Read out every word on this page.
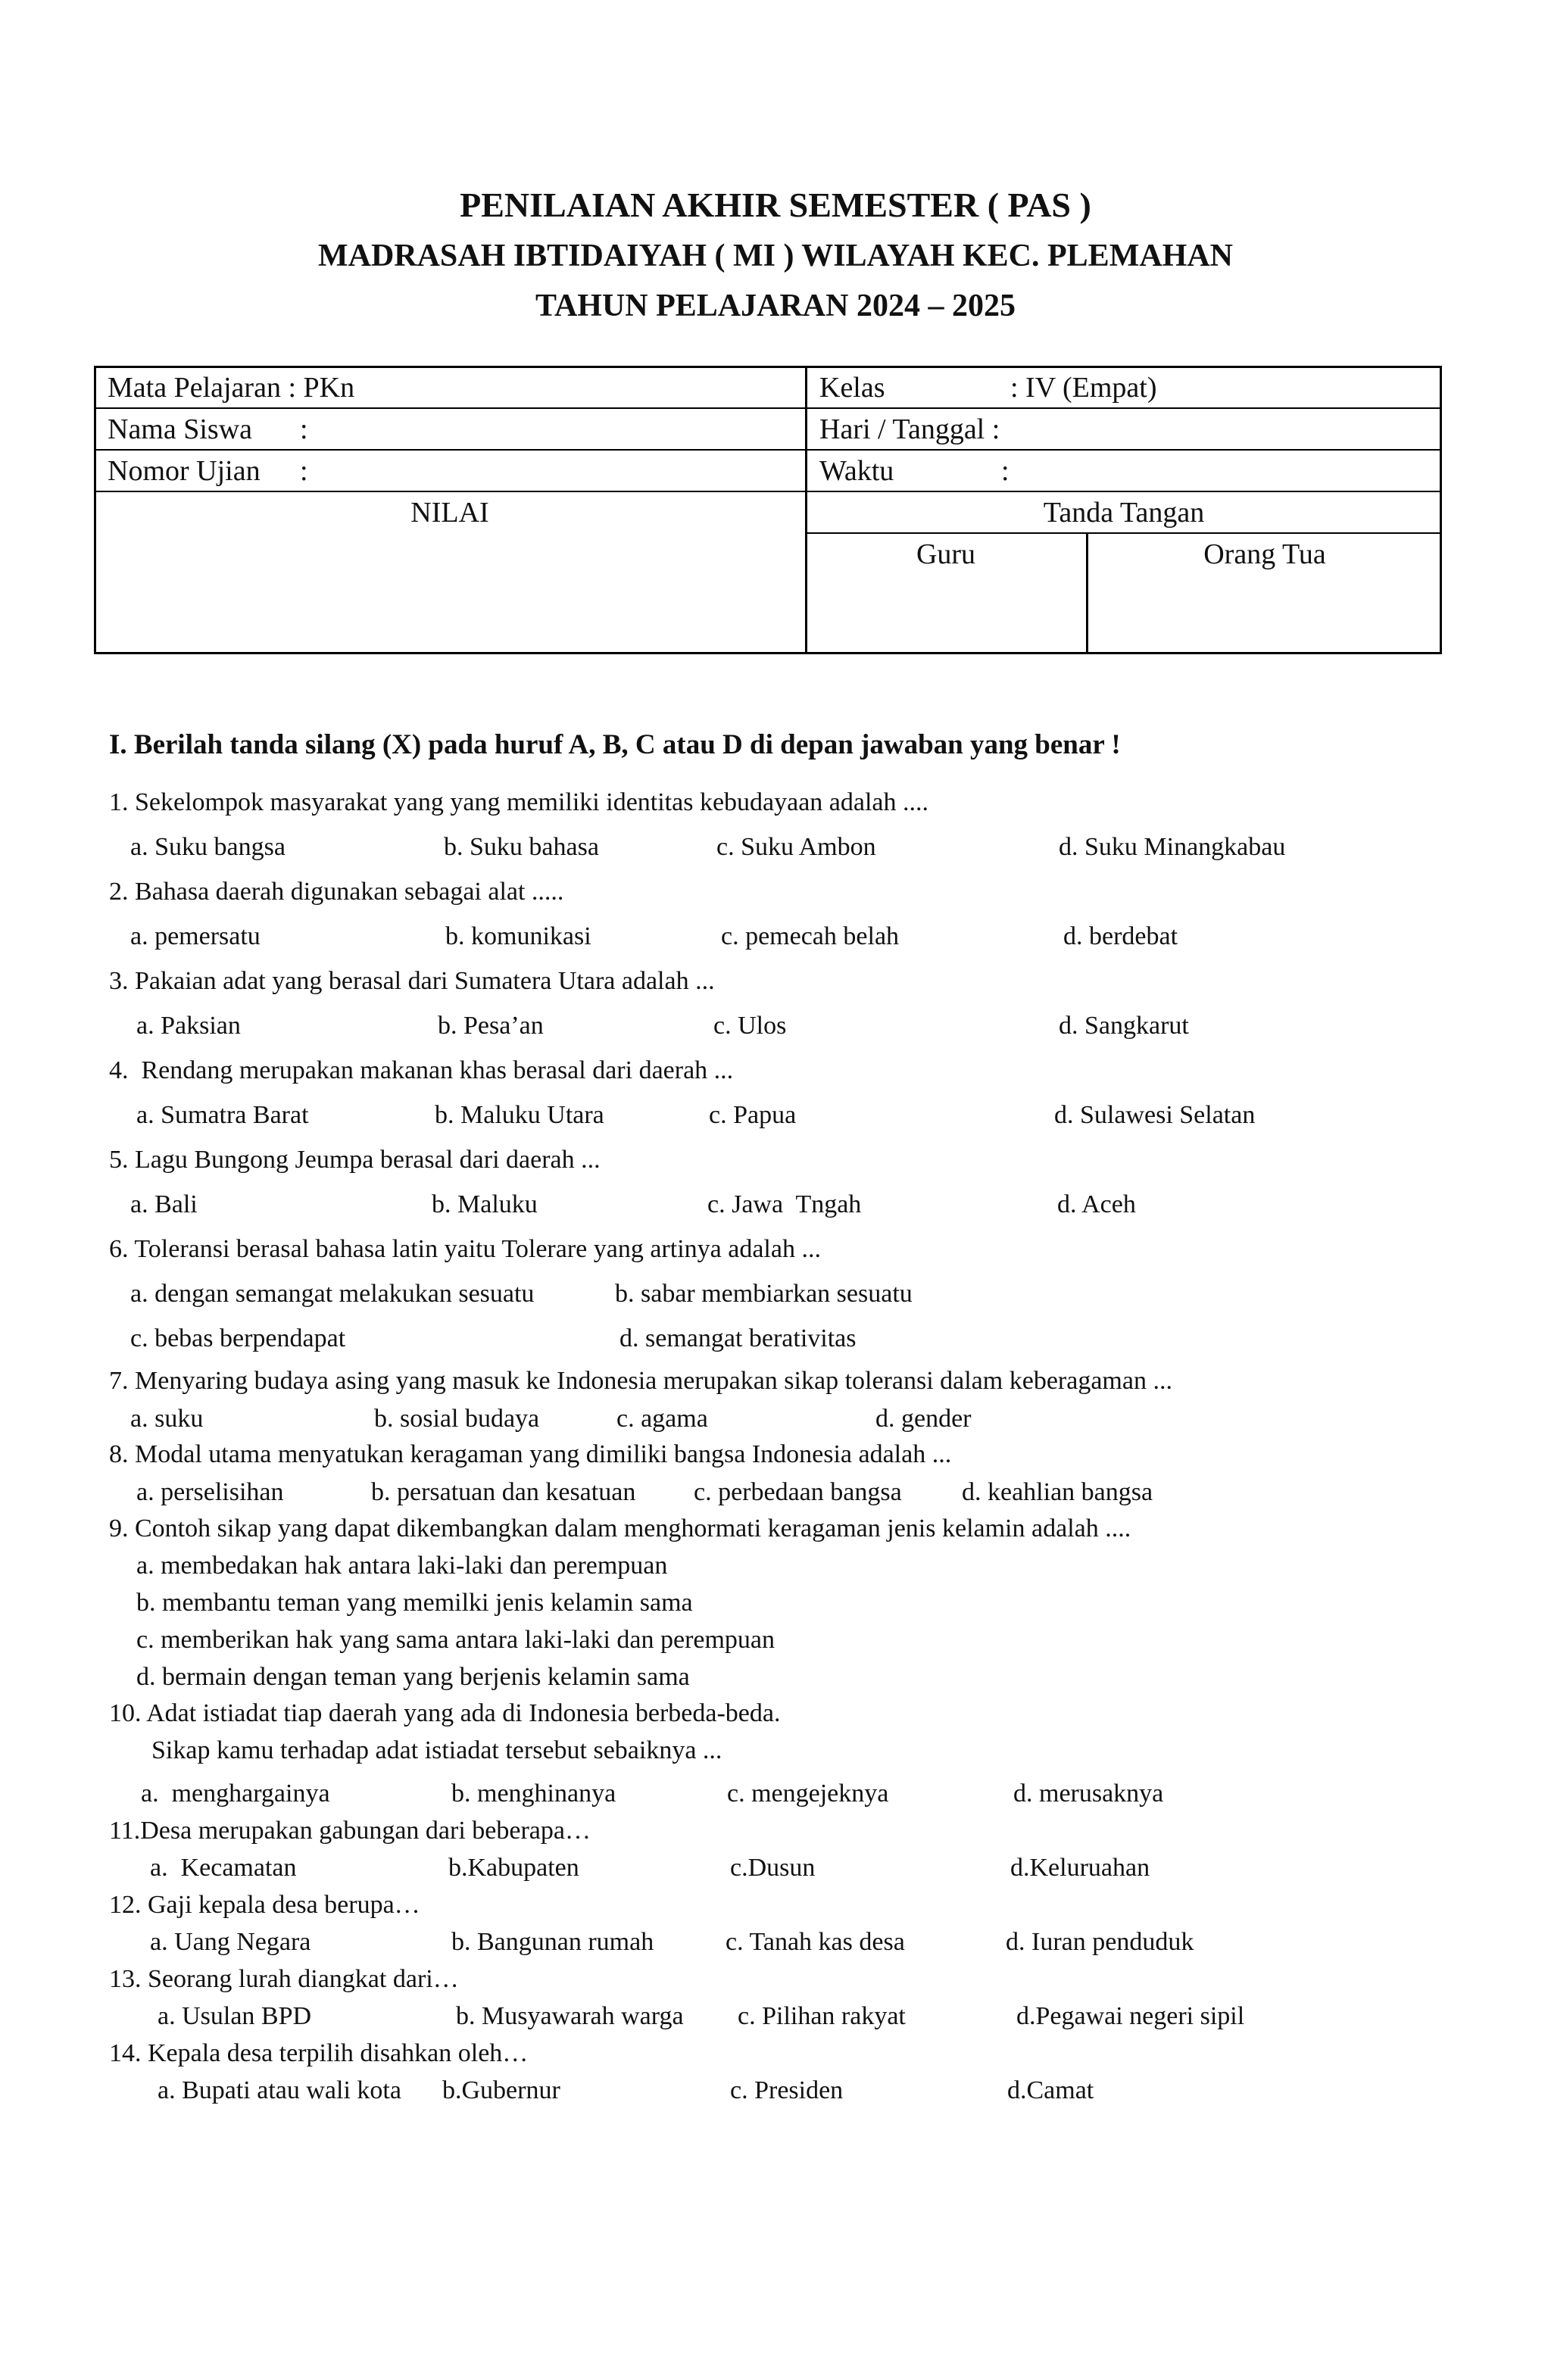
PENILAIAN AKHIR SEMESTER ( PAS )
MADRASAH IBTIDAIYAH ( MI ) WILAYAH KEC. PLEMAHAN
TAHUN PELAJARAN 2024 – 2025
Mata Pelajaran : PKn	Kelas	: IV (Empat)
Nama Siswa :	Hari / Tanggal :
Nomor Ujian :	Waktu	:
NILAI	Tanda Tangan
Guru	Orang Tua
I. Berilah tanda silang (X) pada huruf A, B, C atau D di depan jawaban yang benar !
1. Sekelompok masyarakat yang yang memiliki identitas kebudayaan adalah ....
a. Suku bangsa	b. Suku bahasa	c. Suku Ambon	d. Suku Minangkabau
2. Bahasa daerah digunakan sebagai alat .....
a. pemersatu	b. komunikasi	c. pemecah belah	d. berdebat
3. Pakaian adat yang berasal dari Sumatera Utara adalah ...
a. Paksian	b. Pesa’an	c. Ulos	d. Sangkarut
4.  Rendang merupakan makanan khas berasal dari daerah ...
a. Sumatra Barat	b. Maluku Utara	c. Papua	d. Sulawesi Selatan
5. Lagu Bungong Jeumpa berasal dari daerah ...
a. Bali	b. Maluku	c. Jawa  Tngah	d. Aceh
6. Toleransi berasal bahasa latin yaitu Tolerare yang artinya adalah ...
a. dengan semangat melakukan sesuatu	b. sabar membiarkan sesuatu
c. bebas berpendapat	d. semangat berativitas
7. Menyaring budaya asing yang masuk ke Indonesia merupakan sikap toleransi dalam keberagaman ...
a. suku	b. sosial budaya	c. agama	d. gender
8. Modal utama menyatukan keragaman yang dimiliki bangsa Indonesia adalah ...
a. perselisihan	b. persatuan dan kesatuan c. perbedaan bangsa d. keahlian bangsa
9. Contoh sikap yang dapat dikembangkan dalam menghormati keragaman jenis kelamin adalah ....
a. membedakan hak antara laki-laki dan perempuan
b. membantu teman yang memilki jenis kelamin sama
c. memberikan hak yang sama antara laki-laki dan perempuan
d. bermain dengan teman yang berjenis kelamin sama
10. Adat istiadat tiap daerah yang ada di Indonesia berbeda-beda.
Sikap kamu terhadap adat istiadat tersebut sebaiknya ...
a.  menghargainya	b. menghinanya	c. mengejeknya	d. merusaknya
11.Desa merupakan gabungan dari beberapa…
a.  Kecamatan	b.Kabupaten	c.Dusun	d.Keluruahan
12. Gaji kepala desa berupa…
a. Uang Negara	b. Bangunan rumah	c. Tanah kas desa	d. Iuran penduduk
13. Seorang lurah diangkat dari…
a. Usulan BPD	b. Musyawarah warga c. Pilihan rakyat	d.Pegawai negeri sipil
14. Kepala desa terpilih disahkan oleh…
a. Bupati atau wali kota b.Gubernur	c. Presiden	d.Camat
